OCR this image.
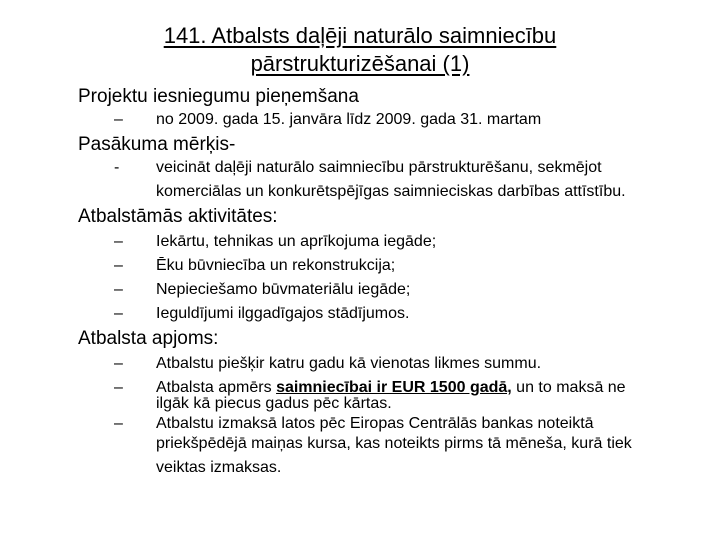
141. Atbalsts daļēji naturālo saimniecību
pārstrukturizēšanai (1)
Projektu iesniegumu pieņemšana
– no 2009. gada 15. janvāra līdz 2009. gada 31. martam
Pasākuma mērķis-
- veicināt daļēji naturālo saimniecību pārstrukturēšanu, sekmējot
komerciālas un konkurētspējīgas saimnieciskas darbības attīstību.
Atbalstāmās aktivitātes:
– Iekārtu, tehnikas un aprīkojuma iegāde;
– Ēku būvniecība un rekonstrukcija;
– Nepieciešamo būvmateriālu iegāde;
– Ieguldījumi ilggadīgajos stādījumos.
Atbalsta apjoms:
– Atbalstu piešķir katru gadu kā vienotas likmes summu.
– Atbalsta apmērs saimniecībai ir EUR 1500 gadā, un to maksā ne
ilgāk kā piecus gadus pēc kārtas.
– Atbalstu izmaksā latos pēc Eiropas Centrālās bankas noteiktā
priekšpēdējā maiņas kursa, kas noteikts pirms tā mēneša, kurā tiek
veiktas izmaksas.
